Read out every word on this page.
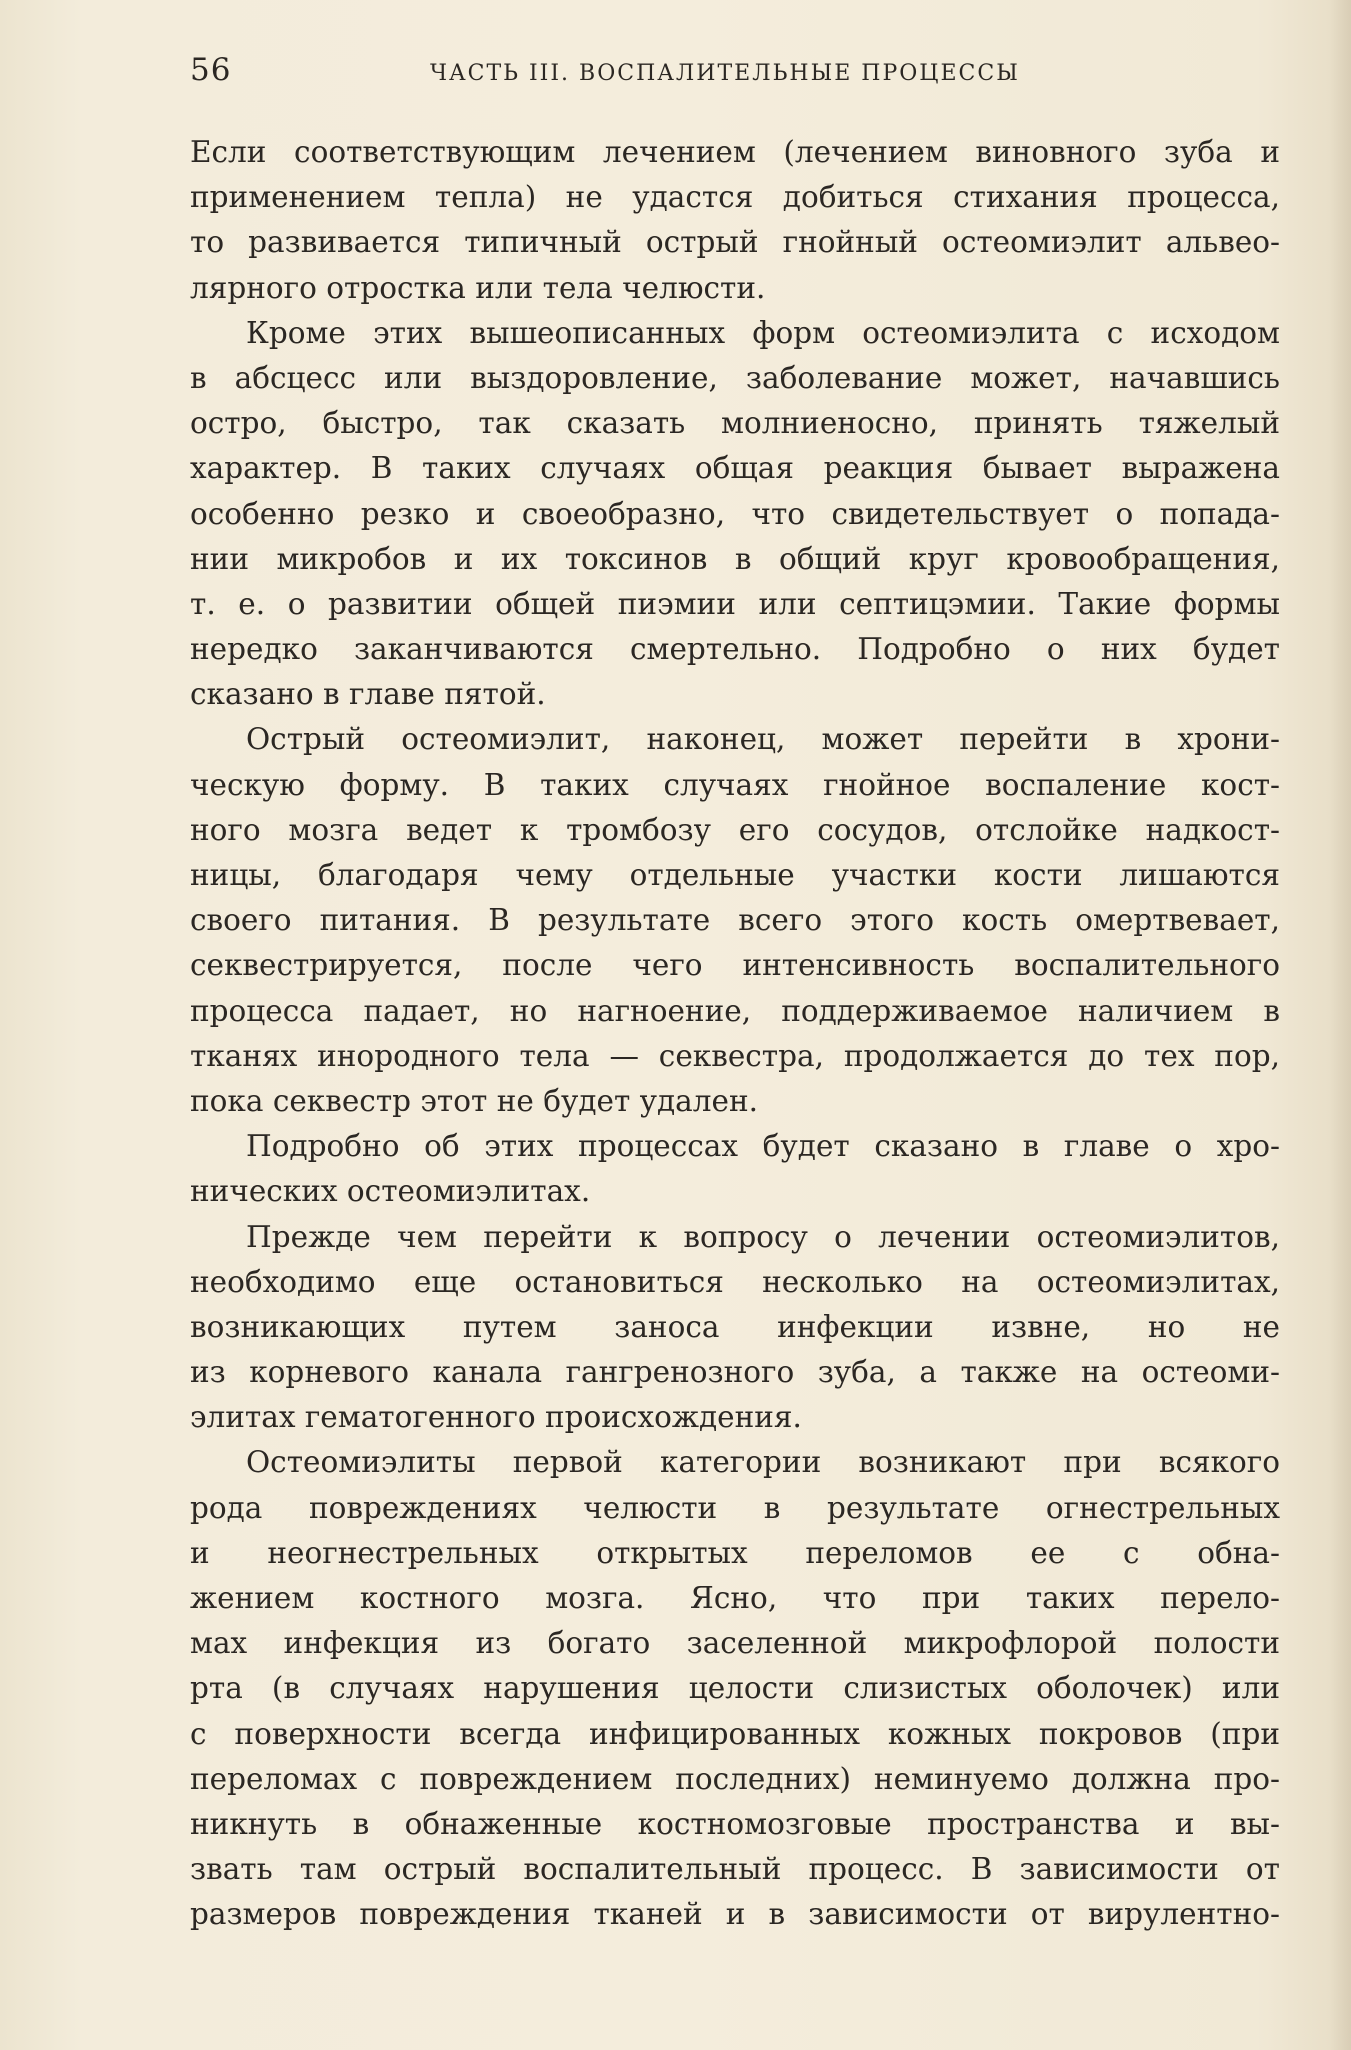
56	ЧАСТЬ III. ВОСПАЛИТЕЛЬНЫЕ ПРОЦЕССЫ
Если соответствующим лечением (лечением виновного зуба и
применением тепла) не удастся добиться стихания процесса,
то развивается типичный острый гнойный остеомиэлит альвео-
лярного отростка или тела челюсти.
Кроме этих вышеописанных форм остеомиэлита с исходом
в абсцесс или выздоровление, заболевание может, начавшись
остро, быстро, так сказать молниеносно, принять тяжелый
характер. В таких случаях общая реакция бывает выражена
особенно резко и своеобразно, что свидетельствует о попада-
нии микробов и их токсинов в общий круг кровообращения,
т. е. о развитии общей пиэмии или септицэмии. Такие формы
нередко заканчиваются смертельно. Подробно о них будет
сказано в главе пятой.
Острый остеомиэлит, наконец, может перейти в хрони-
ческую форму. В таких случаях гнойное воспаление кост-
ного мозга ведет к тромбозу его сосудов, отслойке надкост-
ницы, благодаря чему отдельные участки кости лишаются
своего питания. В результате всего этого кость омертвевает,
секвестрируется, после чего интенсивность воспалительного
процесса падает, но нагноение, поддерживаемое наличием в
тканях инородного тела — секвестра, продолжается до тех пор,
пока секвестр этот не будет удален.
Подробно об этих процессах будет сказано в главе о хро-
нических остеомиэлитах.
Прежде чем перейти к вопросу о лечении остеомиэлитов,
необходимо еще остановиться несколько на остеомиэлитах,
возникающих путем заноса инфекции извне, но не
из корневого канала гангренозного зуба, а также на остеоми-
элитах гематогенного происхождения.
Остеомиэлиты первой категории возникают при всякого
рода повреждениях челюсти в результате огнестрельных
и неогнестрельных открытых переломов ее с обна-
жением костного мозга. Ясно, что при таких перело-
мах инфекция из богато заселенной микрофлорой полости
рта (в случаях нарушения целости слизистых оболочек) или
с поверхности всегда инфицированных кожных покровов (при
переломах с повреждением последних) неминуемо должна про-
никнуть в обнаженные костномозговые пространства и вы-
звать там острый воспалительный процесс. В зависимости от
размеров повреждения тканей и в зависимости от вирулентно-
